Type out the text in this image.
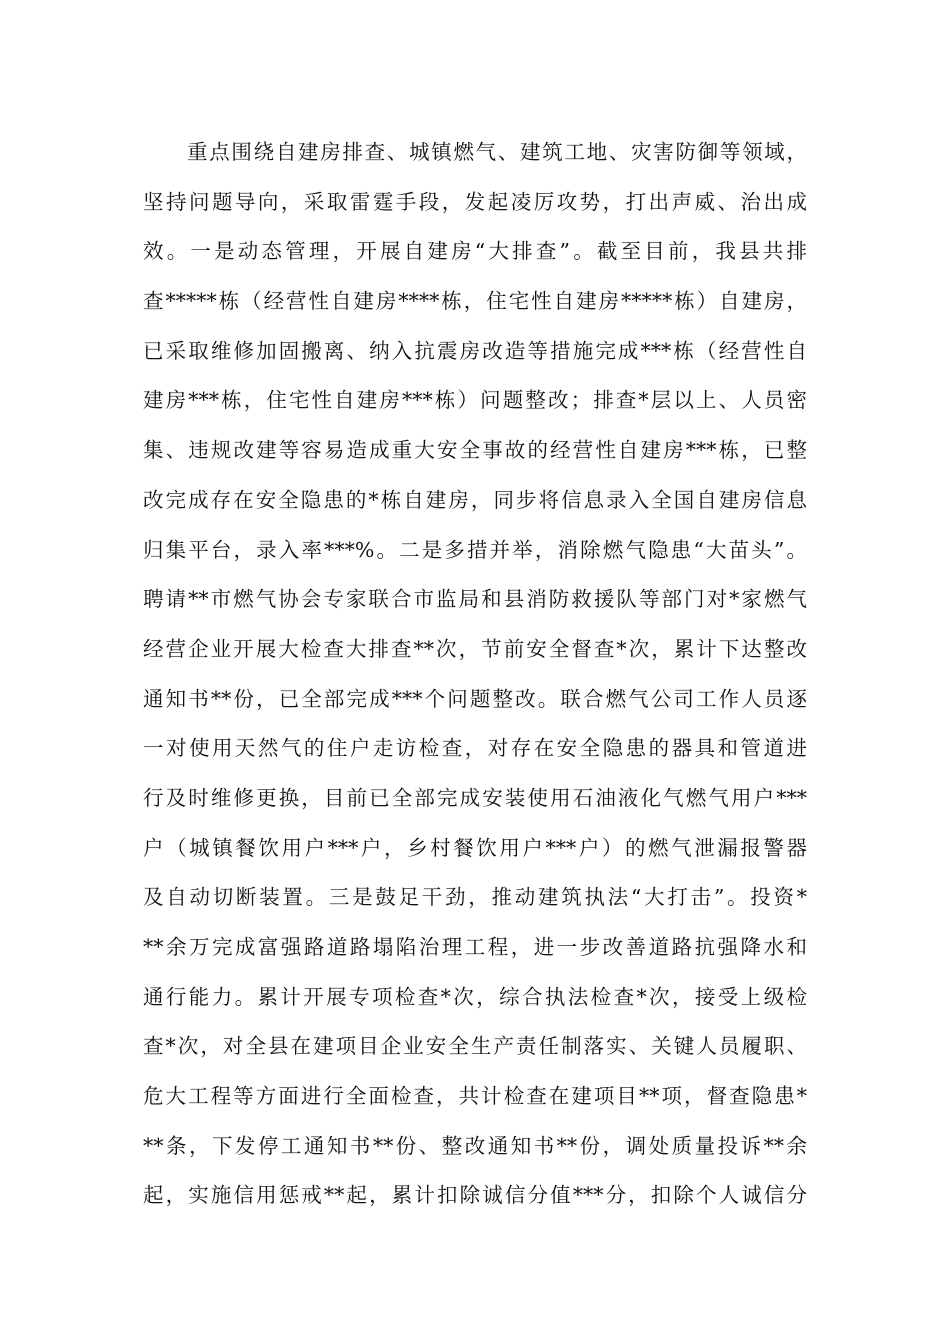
重点围绕自建房排查、城镇燃气、建筑工地、灾害防御等领域，
坚持问题导向，采取雷霆手段，发起凌厉攻势，打出声威、治出成
效。一是动态管理，开展自建房“大排查”。截至目前，我县共排
查*****栋（经营性自建房****栋，住宅性自建房*****栋）自建房，
已采取维修加固搬离、纳入抗震房改造等措施完成***栋（经营性自
建房***栋，住宅性自建房***栋）问题整改；排查*层以上、人员密
集、违规改建等容易造成重大安全事故的经营性自建房***栋，已整
改完成存在安全隐患的*栋自建房，同步将信息录入全国自建房信息
归集平台，录入率***%。二是多措并举，消除燃气隐患“大苗头”。
聘请**市燃气协会专家联合市监局和县消防救援队等部门对*家燃气
经营企业开展大检查大排查**次，节前安全督查*次，累计下达整改
通知书**份，已全部完成***个问题整改。联合燃气公司工作人员逐
一对使用天然气的住户走访检查，对存在安全隐患的器具和管道进
行及时维修更换，目前已全部完成安装使用石油液化气燃气用户***
户（城镇餐饮用户***户，乡村餐饮用户***户）的燃气泄漏报警器
及自动切断装置。三是鼓足干劲，推动建筑执法“大打击”。投资*
**余万完成富强路道路塌陷治理工程，进一步改善道路抗强降水和
通行能力。累计开展专项检查*次，综合执法检查*次，接受上级检
查*次，对全县在建项目企业安全生产责任制落实、关键人员履职、
危大工程等方面进行全面检查，共计检查在建项目**项，督查隐患*
**条，下发停工通知书**份、整改通知书**份，调处质量投诉**余
起，实施信用惩戒**起，累计扣除诚信分值***分，扣除个人诚信分
